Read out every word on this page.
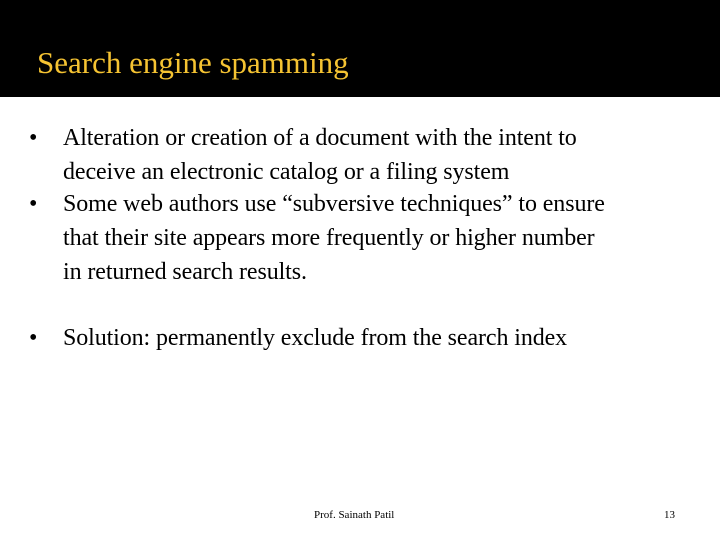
Search engine spamming
• Alteration or creation of a document with the intent to
deceive an electronic catalog or a filing system
• Some web authors use “subversive techniques” to ensure
that their site appears more frequently or higher number
in returned search results.
• Solution: permanently exclude from the search index
Prof. Sainath Patil	13
